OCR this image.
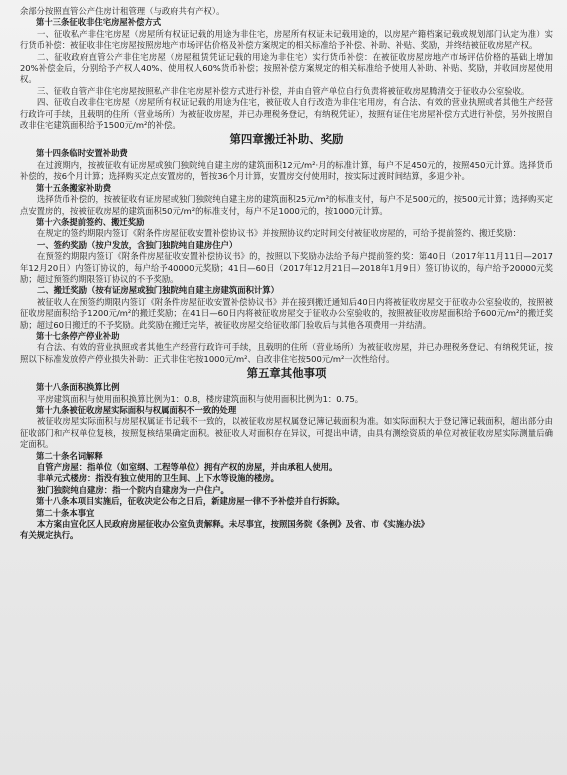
余部分按照直管公产住房计租管理（与政府共有产权）。

第十三条征收非住宅房屋补偿方式

一、征收私产非住宅房屋（房屋所有权证记载的用途为非住宅，房屋所有权证未记载用途的，以房屋产籍档案记载或规划部门认定为准）实行货币补偿：被征收非住宅房屋按照房地产市场评估价格及补偿方案规定的相关标准给予补偿、补助、补贴、奖励，并终结被征收房屋产权。

二、征收政府直管公产非住宅房屋（房屋租赁凭证记载的用途为非住宅）实行货币补偿：在被征收房屋房地产市场评估价格的基础上增加20%补偿金后，分别给予产权人40%、使用权人60%货币补偿；按照补偿方案规定的相关标准给予使用人补助、补贴、奖励，并收回房屋使用权。

三、征收自管产非住宅房屋按照私产非住宅房屋补偿方式进行补偿，并由自管产单位自行负责将被征收房屋腾清交于征收办公室验收。

四、征收自改非住宅房屋（房屋所有权证记载的用途为住宅，被征收人自行改造为非住宅用房，有合法、有效的营业执照或者其他生产经营行政许可手续，且载明的住所（营业场所）为被征收房屋，并已办理税务登记，有纳税凭证），按照有证住宅房屋补偿方式进行补偿，另外按照自改非住宅建筑面积给予1500元/m²的补偿。

第四章搬迁补助、奖励

第十四条临时安置补助费

在过渡期内，按被征收有证房屋或独门独院纯自建主房的建筑面积12元/m²·月的标准计算，每户不足450元的，按照450元计算。选择货币补偿的，按6个月计算；选择购买定点安置房的，暂按36个月计算，安置房交付使用时，按实际过渡时间结算，多退少补。

第十五条搬家补助费

选择货币补偿的，按被征收有证房屋或独门独院纯自建主房的建筑面积25元/m²的标准支付，每户不足500元的，按500元计算；选择购买定点安置房的，按被征收房屋的建筑面积50元/m²的标准支付，每户不足1000元的，按1000元计算。

第十六条提前签约、搬迁奖励

在规定的签约期限内签订《附条件房屋征收安置补偿协议书》并按照协议约定时间交付被征收房屋的，可给予提前签约、搬迁奖励：

一、签约奖励（按户发放，含独门独院纯自建房住户）

在预签约期限内签订《附条件房屋征收安置补偿协议书》的，按照以下奖励办法给予每户提前签约奖：第40日（2017年11月11日—2017年12月20日）内签订协议的，每户给予40000元奖励；41日—60日（2017年12月21日—2018年1月9日）签订协议的，每户给予20000元奖励；超过预签约期限签订协议的不予奖励。

二、搬迁奖励（按有证房屋或独门独院纯自建主房建筑面积计算）

被征收人在预签约期限内签订《附条件房屋征收安置补偿协议书》并在接到搬迁通知后40日内将被征收房屋交于征收办公室验收的，按照被征收房屋面积给予1200元/m²的搬迁奖励；在41日—60日内将被征收房屋交于征收办公室验收的，按照被征收房屋面积给予600元/m²的搬迁奖励；超过60日搬迁的不予奖励。此奖励在搬迁完毕，被征收房屋交给征收部门验收后与其他各项费用一并结清。

第十七条停产停业补助

有合法、有效的营业执照或者其他生产经营行政许可手续，且载明的住所（营业场所）为被征收房屋，并已办理税务登记、有纳税凭证，按照以下标准发放停产停业损失补助：正式非住宅按1000元/m²、自改非住宅按500元/m²一次性给付。

第五章其他事项

第十八条面积换算比例

平房建筑面积与使用面积换算比例为1：0.8，楼房建筑面积与使用面积比例为1：0.75。

第十九条被征收房屋实际面积与权属面积不一致的处理

被征收房屋实际面积与房屋权属证书记载不一致的，以被征收房屋权属登记簿记载面积为准。如实际面积大于登记簿记载面积，超出部分由征收部门和产权单位复核，按照复核结果确定面积。被征收人对面积存在异议，可提出申请，由具有测绘资质的单位对被征收房屋实际测量后确定面积。

第二十条名词解释

自管产房屋：指单位（如室纲、工程等单位）拥有产权的房屋，并由承租人使用。

非单元式楼房：指没有独立使用的卫生间、上下水等设施的楼房。

独门独院纯自建房：指一个院内自建房为一户住户。

第十八条本项目实施后，征收决定公布之日后，新建房屋一律不予补偿并自行拆除。

第二十条本事宜

本方案由宣化区人民政府房屋征收办公室负责解释。未尽事宜，按照国务院《条例》及省、市《实施办法》

有关规定执行。
